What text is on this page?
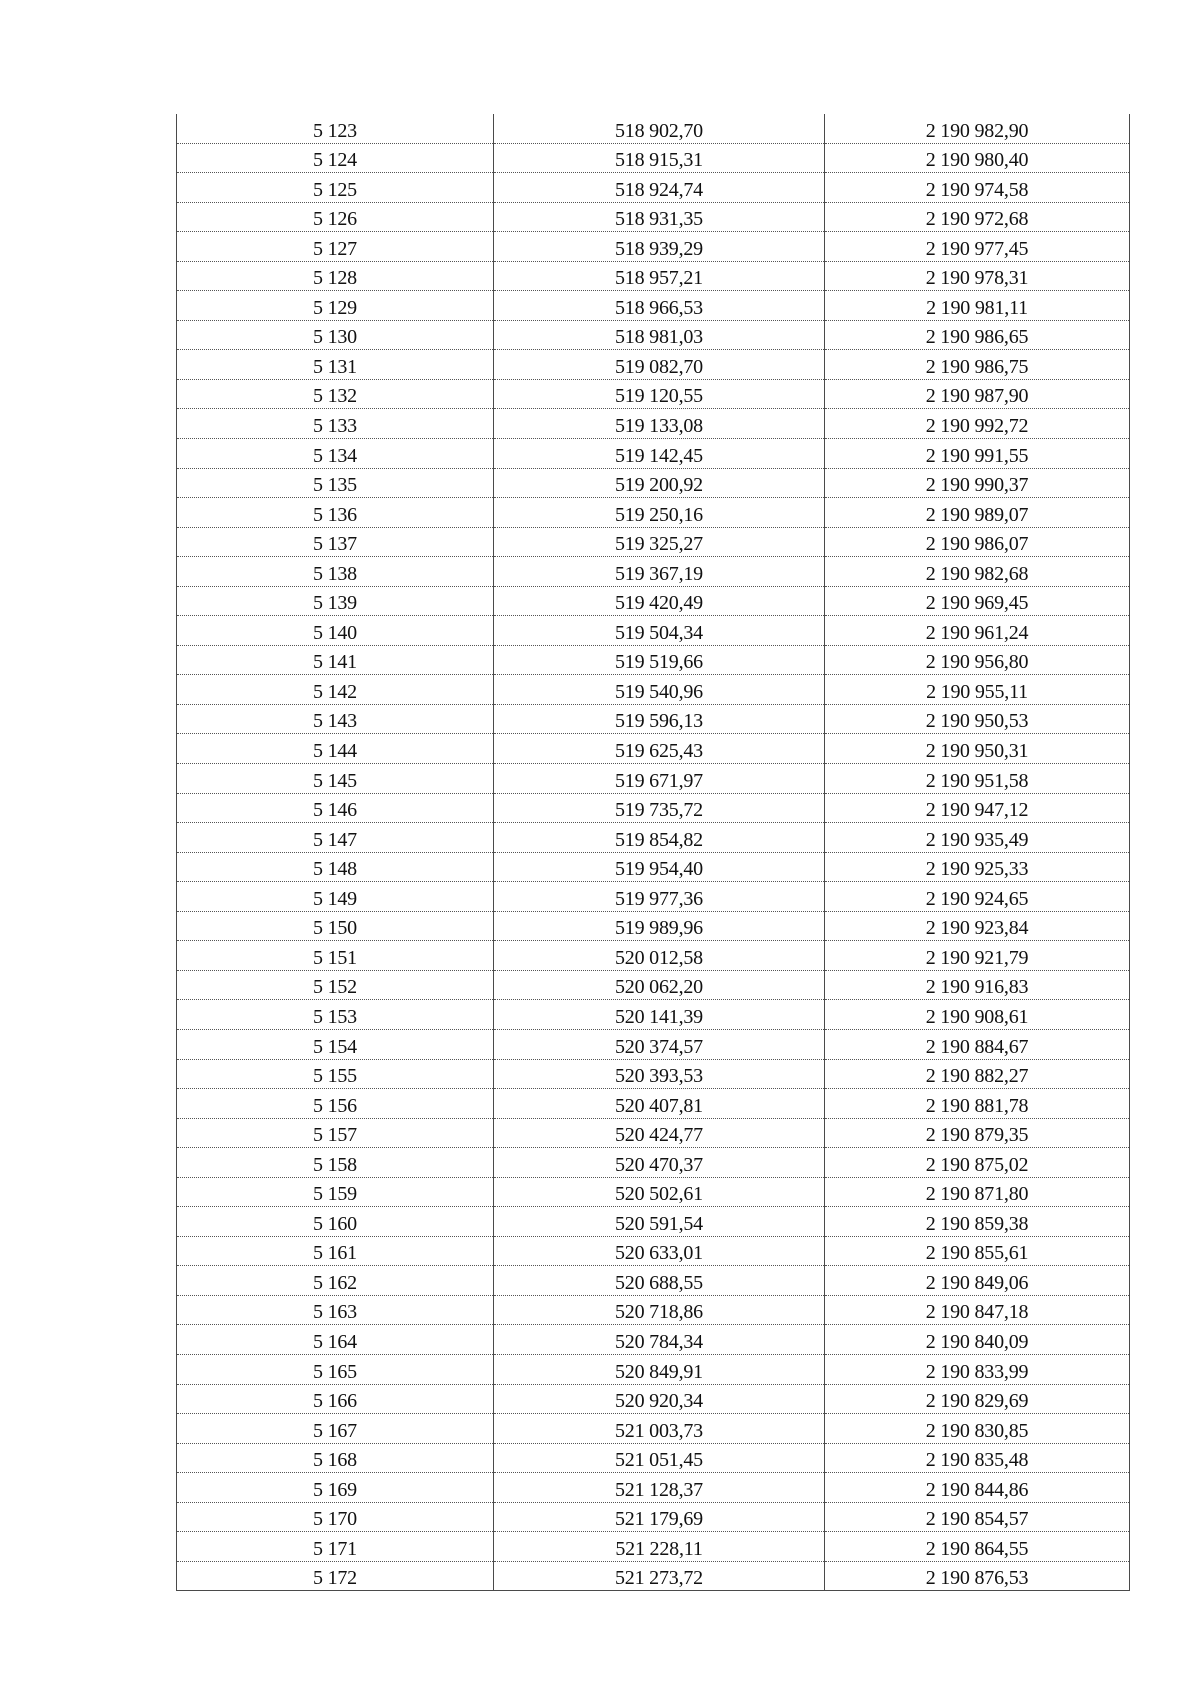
5 123	518 902,70	2 190 982,90
5 124	518 915,31	2 190 980,40
5 125	518 924,74	2 190 974,58
5 126	518 931,35	2 190 972,68
5 127	518 939,29	2 190 977,45
5 128	518 957,21	2 190 978,31
5 129	518 966,53	2 190 981,11
5 130	518 981,03	2 190 986,65
5 131	519 082,70	2 190 986,75
5 132	519 120,55	2 190 987,90
5 133	519 133,08	2 190 992,72
5 134	519 142,45	2 190 991,55
5 135	519 200,92	2 190 990,37
5 136	519 250,16	2 190 989,07
5 137	519 325,27	2 190 986,07
5 138	519 367,19	2 190 982,68
5 139	519 420,49	2 190 969,45
5 140	519 504,34	2 190 961,24
5 141	519 519,66	2 190 956,80
5 142	519 540,96	2 190 955,11
5 143	519 596,13	2 190 950,53
5 144	519 625,43	2 190 950,31
5 145	519 671,97	2 190 951,58
5 146	519 735,72	2 190 947,12
5 147	519 854,82	2 190 935,49
5 148	519 954,40	2 190 925,33
5 149	519 977,36	2 190 924,65
5 150	519 989,96	2 190 923,84
5 151	520 012,58	2 190 921,79
5 152	520 062,20	2 190 916,83
5 153	520 141,39	2 190 908,61
5 154	520 374,57	2 190 884,67
5 155	520 393,53	2 190 882,27
5 156	520 407,81	2 190 881,78
5 157	520 424,77	2 190 879,35
5 158	520 470,37	2 190 875,02
5 159	520 502,61	2 190 871,80
5 160	520 591,54	2 190 859,38
5 161	520 633,01	2 190 855,61
5 162	520 688,55	2 190 849,06
5 163	520 718,86	2 190 847,18
5 164	520 784,34	2 190 840,09
5 165	520 849,91	2 190 833,99
5 166	520 920,34	2 190 829,69
5 167	521 003,73	2 190 830,85
5 168	521 051,45	2 190 835,48
5 169	521 128,37	2 190 844,86
5 170	521 179,69	2 190 854,57
5 171	521 228,11	2 190 864,55
5 172	521 273,72	2 190 876,53
